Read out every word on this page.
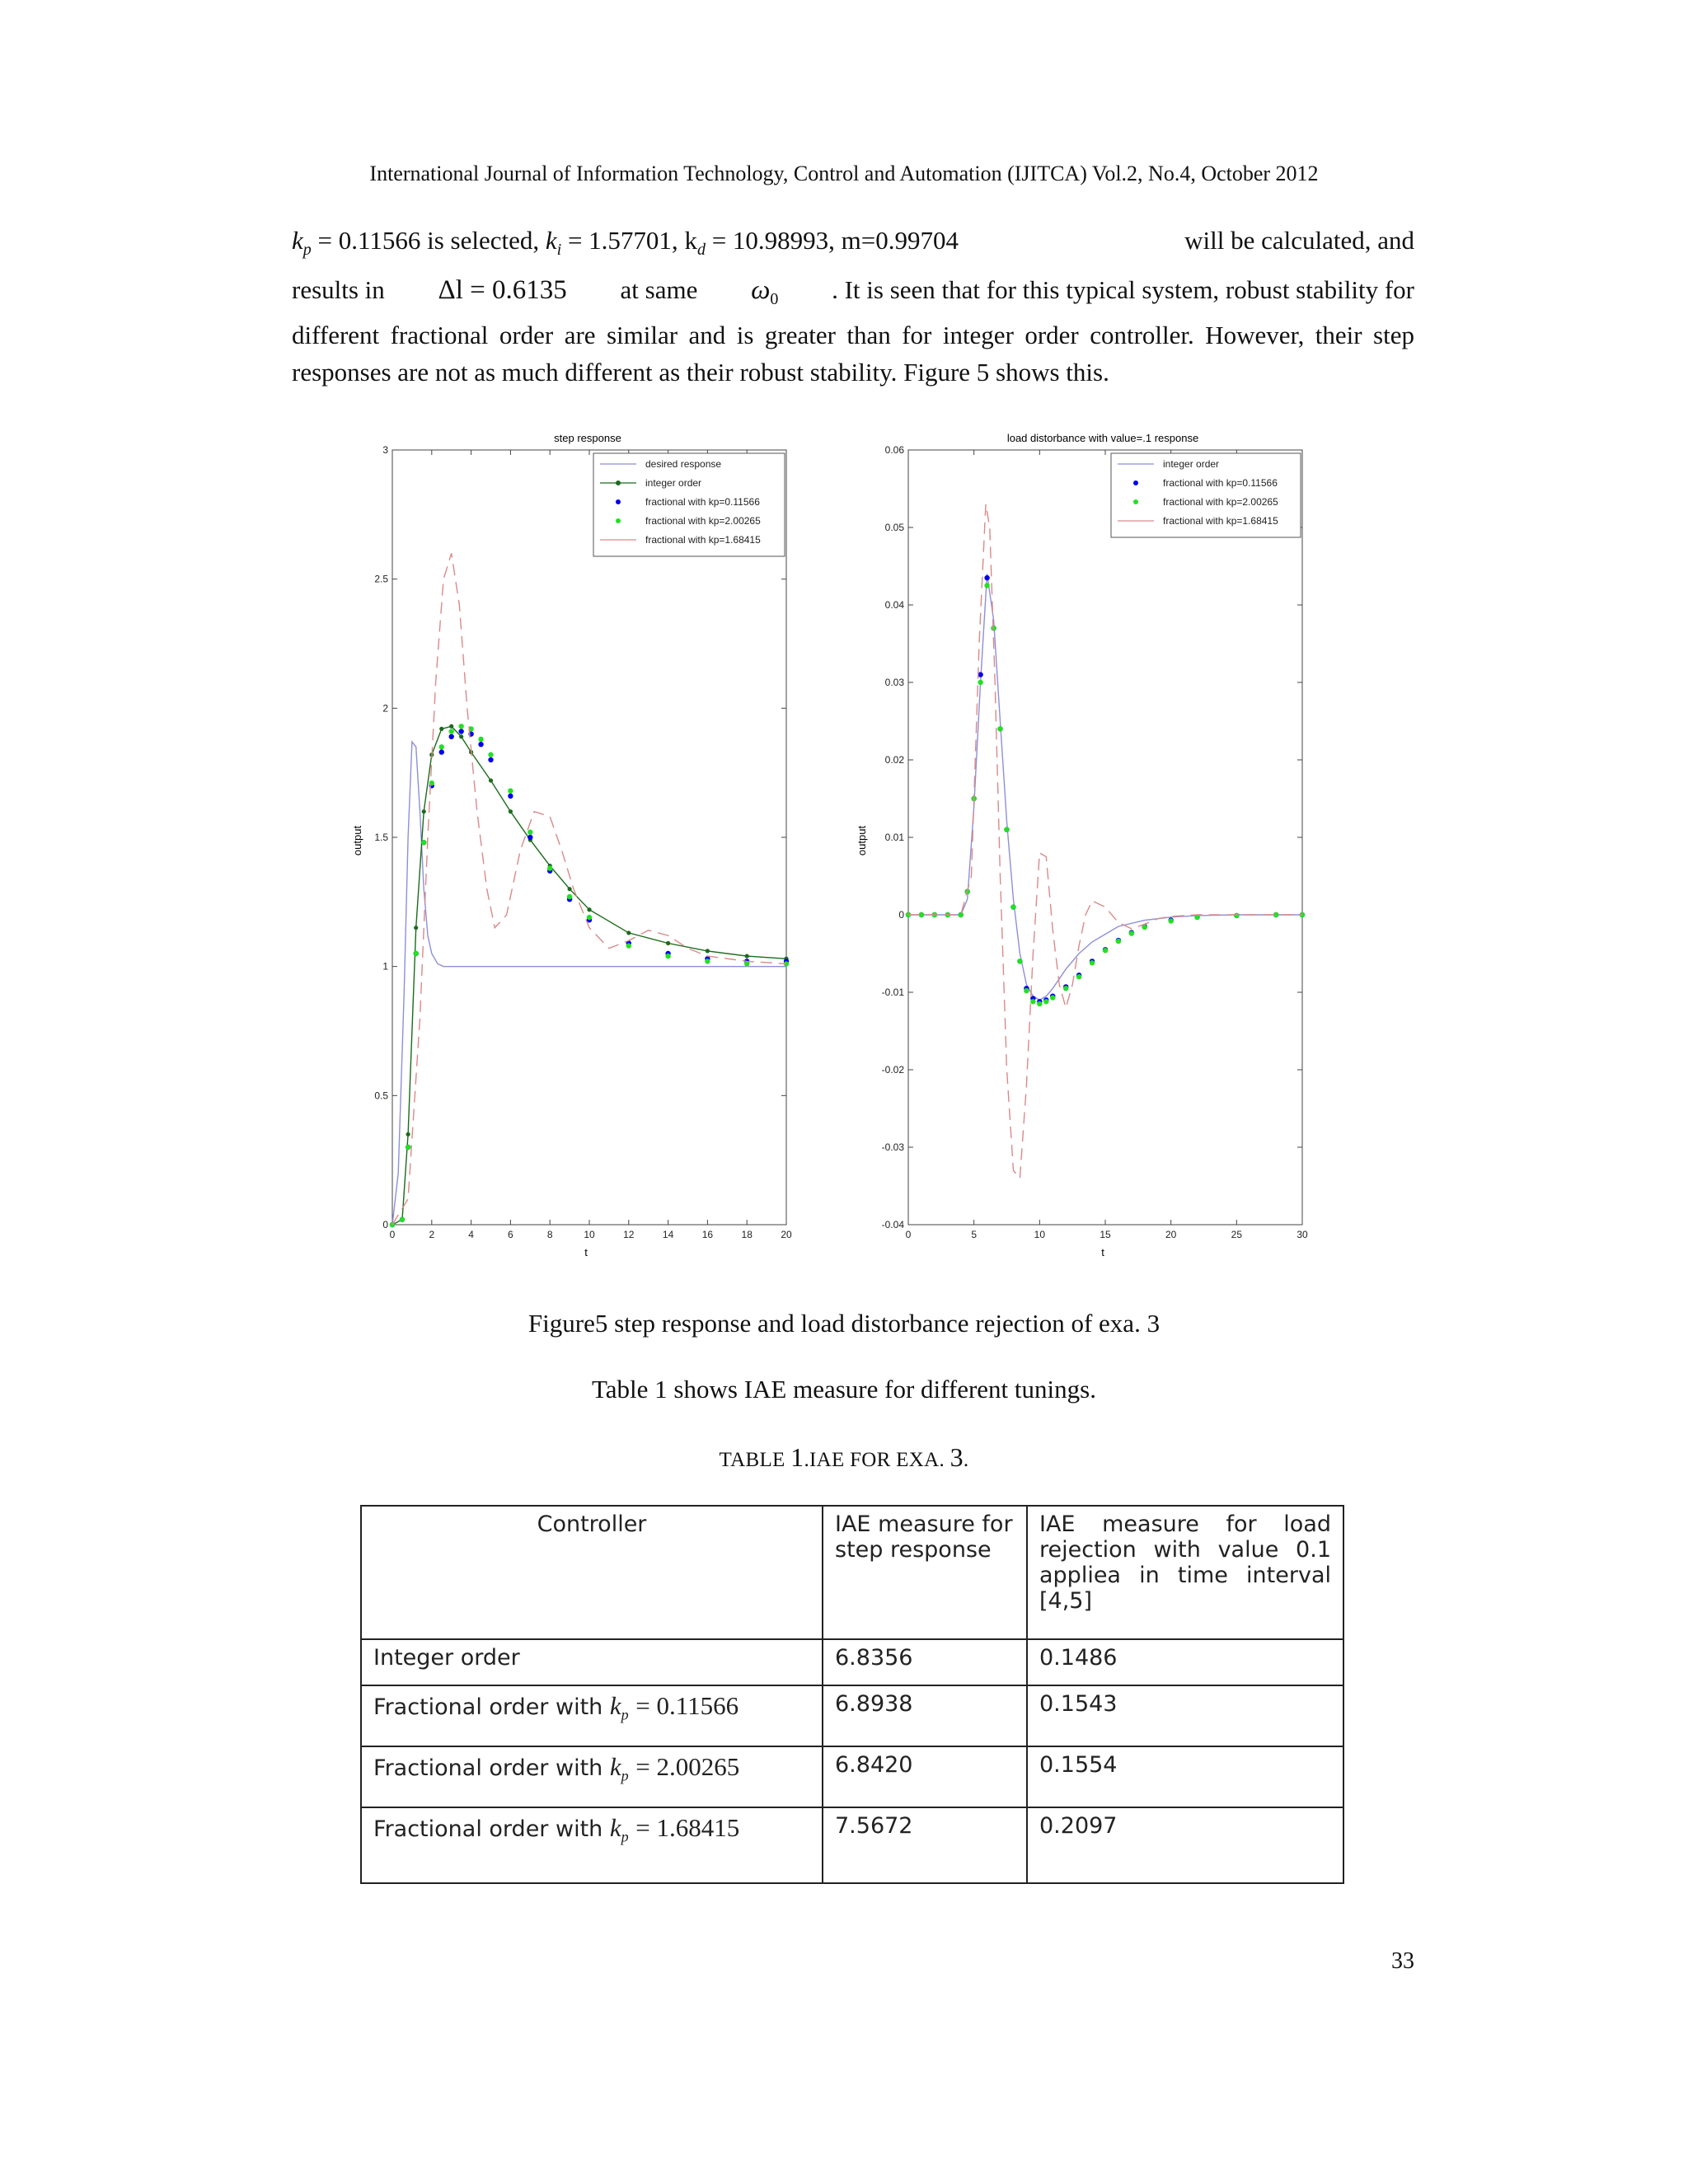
International Journal of Information Technology, Control and Automation (IJITCA) Vol.2, No.4, October 2012
$k_p = 0.11566$ is selected, $k_i = 1.57701$, $k_d = 10.98993$, m=0.99704	will be calculated, and
results in Δl = 0.6135 at same $\omega_0$ . It is seen that for this typical system, robust stability for
different fractional order are similar and is greater than for integer order controller. However, their step responses are not as much different as their robust stability. Figure 5 shows this.
step response
output
t
0
0.5
1
1.5
2
2.5
3
0	2	4	6	8	10	12	14	16	18	20
desired response
integer order
fractional with kp=0.11566
fractional with kp=2.00265
fractional with kp=1.68415
load distorbance with value=.1 response
output
t
-0.04
-0.03
-0.02
-0.01
0
0.01
0.02
0.03
0.04
0.05
0.06
0	5	10	15	20	25	30
integer order
fractional with kp=0.11566
fractional with kp=2.00265
fractional with kp=1.68415
Figure5 step response and load distorbance rejection of exa. 3
Table 1 shows IAE measure for different tunings.
TABLE 1.IAE FOR EXA. 3.
Controller	IAE measure for step response	IAE measure for load rejection with value 0.1 appliea in time interval [4,5]
Integer order	6.8356	0.1486
Fractional order with $k_p = 0.11566$	6.8938	0.1543
Fractional order with $k_p = 2.00265$	6.8420	0.1554
Fractional order with $k_p = 1.68415$	7.5672	0.2097
33
